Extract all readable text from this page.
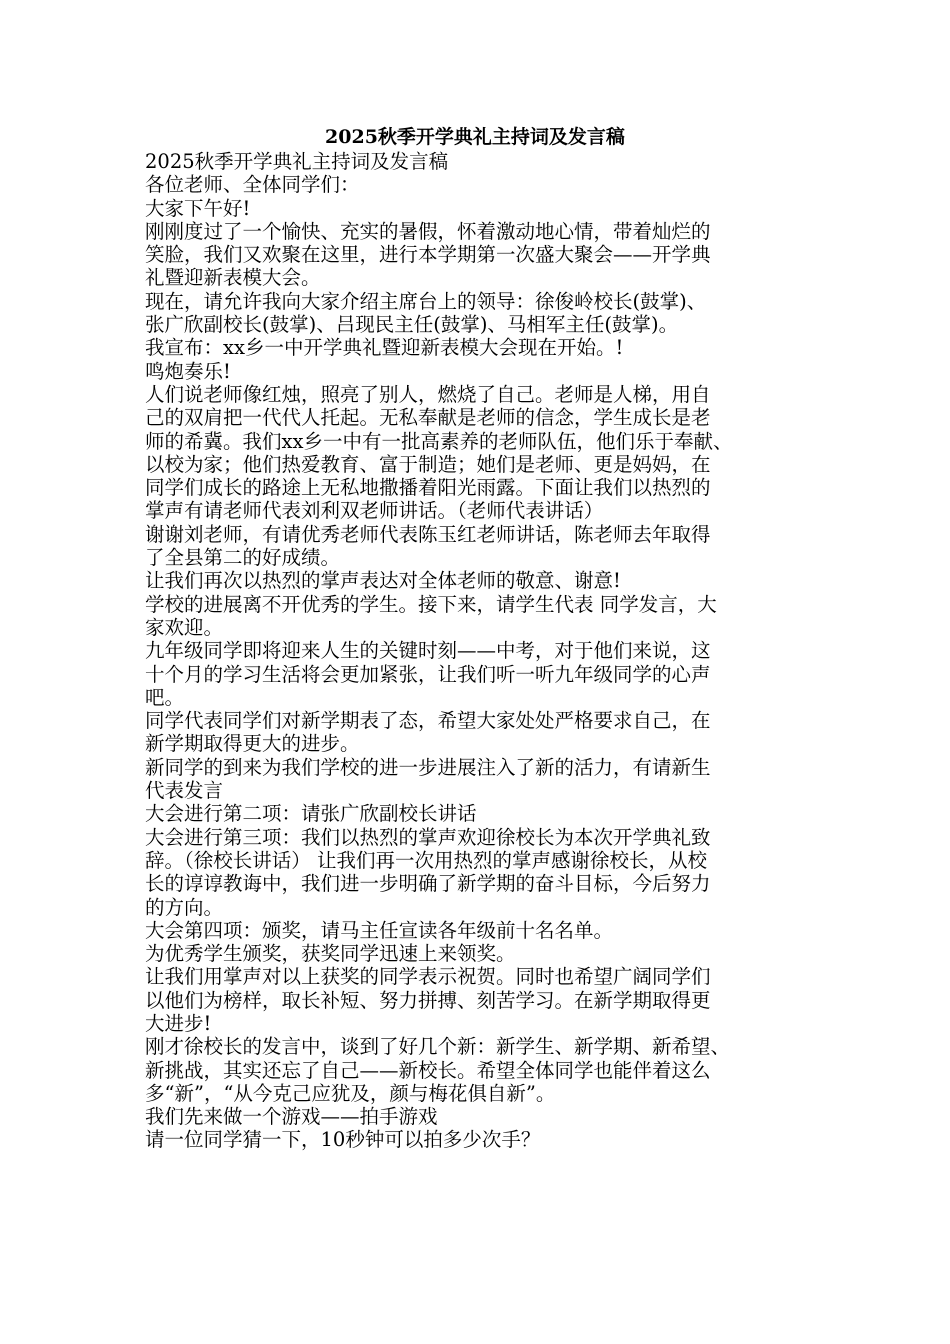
2025秋季开学典礼主持词及发言稿

2025秋季开学典礼主持词及发言稿

各位老师、全体同学们：

大家下午好!

刚刚度过了一个愉快、充实的暑假，怀着激动地心情，带着灿烂的
笑脸，我们又欢聚在这里，进行本学期第一次盛大聚会——开学典
礼暨迎新表模大会。

现在，请允许我向大家介绍主席台上的领导：徐俊岭校长(鼓掌)、
张广欣副校长(鼓掌)、吕现民主任(鼓掌)、马相军主任(鼓掌)。

我宣布：xx乡一中开学典礼暨迎新表模大会现在开始。!

鸣炮奏乐!

人们说老师像红烛，照亮了别人，燃烧了自己。老师是人梯，用自
己的双肩把一代代人托起。无私奉献是老师的信念，学生成长是老
师的希冀。我们xx乡一中有一批高素养的老师队伍，他们乐于奉献、
以校为家；他们热爱教育、富于制造；她们是老师、更是妈妈，在
同学们成长的路途上无私地撒播着阳光雨露。下面让我们以热烈的
掌声有请老师代表刘利双老师讲话。（老师代表讲话）

谢谢刘老师，有请优秀老师代表陈玉红老师讲话，陈老师去年取得
了全县第二的好成绩。

让我们再次以热烈的掌声表达对全体老师的敬意、谢意!

学校的进展离不开优秀的学生。接下来，请学生代表 同学发言，大
家欢迎。

九年级同学即将迎来人生的关键时刻——中考，对于他们来说，这
十个月的学习生活将会更加紧张，让我们听一听九年级同学的心声
吧。

同学代表同学们对新学期表了态，希望大家处处严格要求自己，在
新学期取得更大的进步。

新同学的到来为我们学校的进一步进展注入了新的活力，有请新生
代表发言

大会进行第二项：请张广欣副校长讲话

大会进行第三项：我们以热烈的掌声欢迎徐校长为本次开学典礼致
辞。（徐校长讲话） 让我们再一次用热烈的掌声感谢徐校长，从校
长的谆谆教诲中，我们进一步明确了新学期的奋斗目标，今后努力
的方向。

大会第四项：颁奖，请马主任宣读各年级前十名名单。

为优秀学生颁奖，获奖同学迅速上来领奖。

让我们用掌声对以上获奖的同学表示祝贺。同时也希望广阔同学们
以他们为榜样，取长补短、努力拼搏、刻苦学习。在新学期取得更
大进步!

刚才徐校长的发言中，谈到了好几个新：新学生、新学期、新希望、
新挑战，其实还忘了自己——新校长。希望全体同学也能伴着这么
多“新”，“从今克己应犹及，颜与梅花俱自新”。

我们先来做一个游戏——拍手游戏

请一位同学猜一下，10秒钟可以拍多少次手？
